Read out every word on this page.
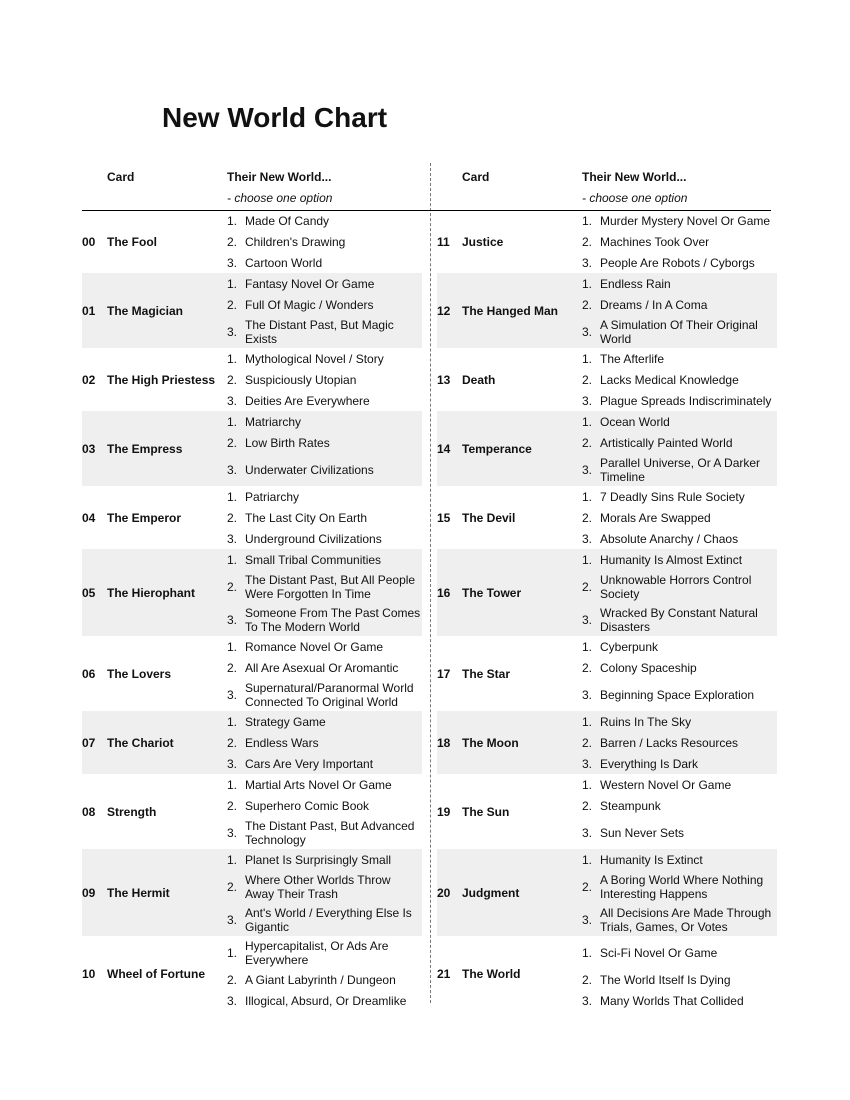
New World Chart
Card	Their New World...
- choose one option
00 The Fool
1. Made Of Candy
2. Children's Drawing
3. Cartoon World
01 The Magician
1. Fantasy Novel Or Game
2. Full Of Magic / Wonders
3. The Distant Past, But Magic Exists
02 The High Priestess
1. Mythological Novel / Story
2. Suspiciously Utopian
3. Deities Are Everywhere
03 The Empress
1. Matriarchy
2. Low Birth Rates
3. Underwater Civilizations
04 The Emperor
1. Patriarchy
2. The Last City On Earth
3. Underground Civilizations
05 The Hierophant
1. Small Tribal Communities
2. The Distant Past, But All People Were Forgotten In Time
3. Someone From The Past Comes To The Modern World
06 The Lovers
1. Romance Novel Or Game
2. All Are Asexual Or Aromantic
3. Supernatural/Paranormal World Connected To Original World
07 The Chariot
1. Strategy Game
2. Endless Wars
3. Cars Are Very Important
08 Strength
1. Martial Arts Novel Or Game
2. Superhero Comic Book
3. The Distant Past, But Advanced Technology
09 The Hermit
1. Planet Is Surprisingly Small
2. Where Other Worlds Throw Away Their Trash
3. Ant's World / Everything Else Is Gigantic
10 Wheel of Fortune
1. Hypercapitalist, Or Ads Are Everywhere
2. A Giant Labyrinth / Dungeon
3. Illogical, Absurd, Or Dreamlike
Card	Their New World...
- choose one option
11	Justice
1. Murder Mystery Novel Or Game
2. Machines Took Over
3. People Are Robots / Cyborgs
12 The Hanged Man
1. Endless Rain
2. Dreams / In A Coma
3. A Simulation Of Their Original World
13 Death
1. The Afterlife
2. Lacks Medical Knowledge
3. Plague Spreads Indiscriminately
14 Temperance
1. Ocean World
2. Artistically Painted World
3. Parallel Universe, Or A Darker Timeline
15 The Devil
1. 7 Deadly Sins Rule Society
2. Morals Are Swapped
3. Absolute Anarchy / Chaos
16 The Tower
1. Humanity Is Almost Extinct
2. Unknowable Horrors Control Society
3. Wracked By Constant Natural Disasters
17 The Star
1. Cyberpunk
2. Colony Spaceship
3. Beginning Space Exploration
18 The Moon
1. Ruins In The Sky
2. Barren / Lacks Resources
3. Everything Is Dark
19 The Sun
1. Western Novel Or Game
2. Steampunk
3. Sun Never Sets
20 Judgment
1. Humanity Is Extinct
2. A Boring World Where Nothing Interesting Happens
3. All Decisions Are Made Through Trials, Games, Or Votes
21 The World
1. Sci-Fi Novel Or Game
2. The World Itself Is Dying
3. Many Worlds That Collided
